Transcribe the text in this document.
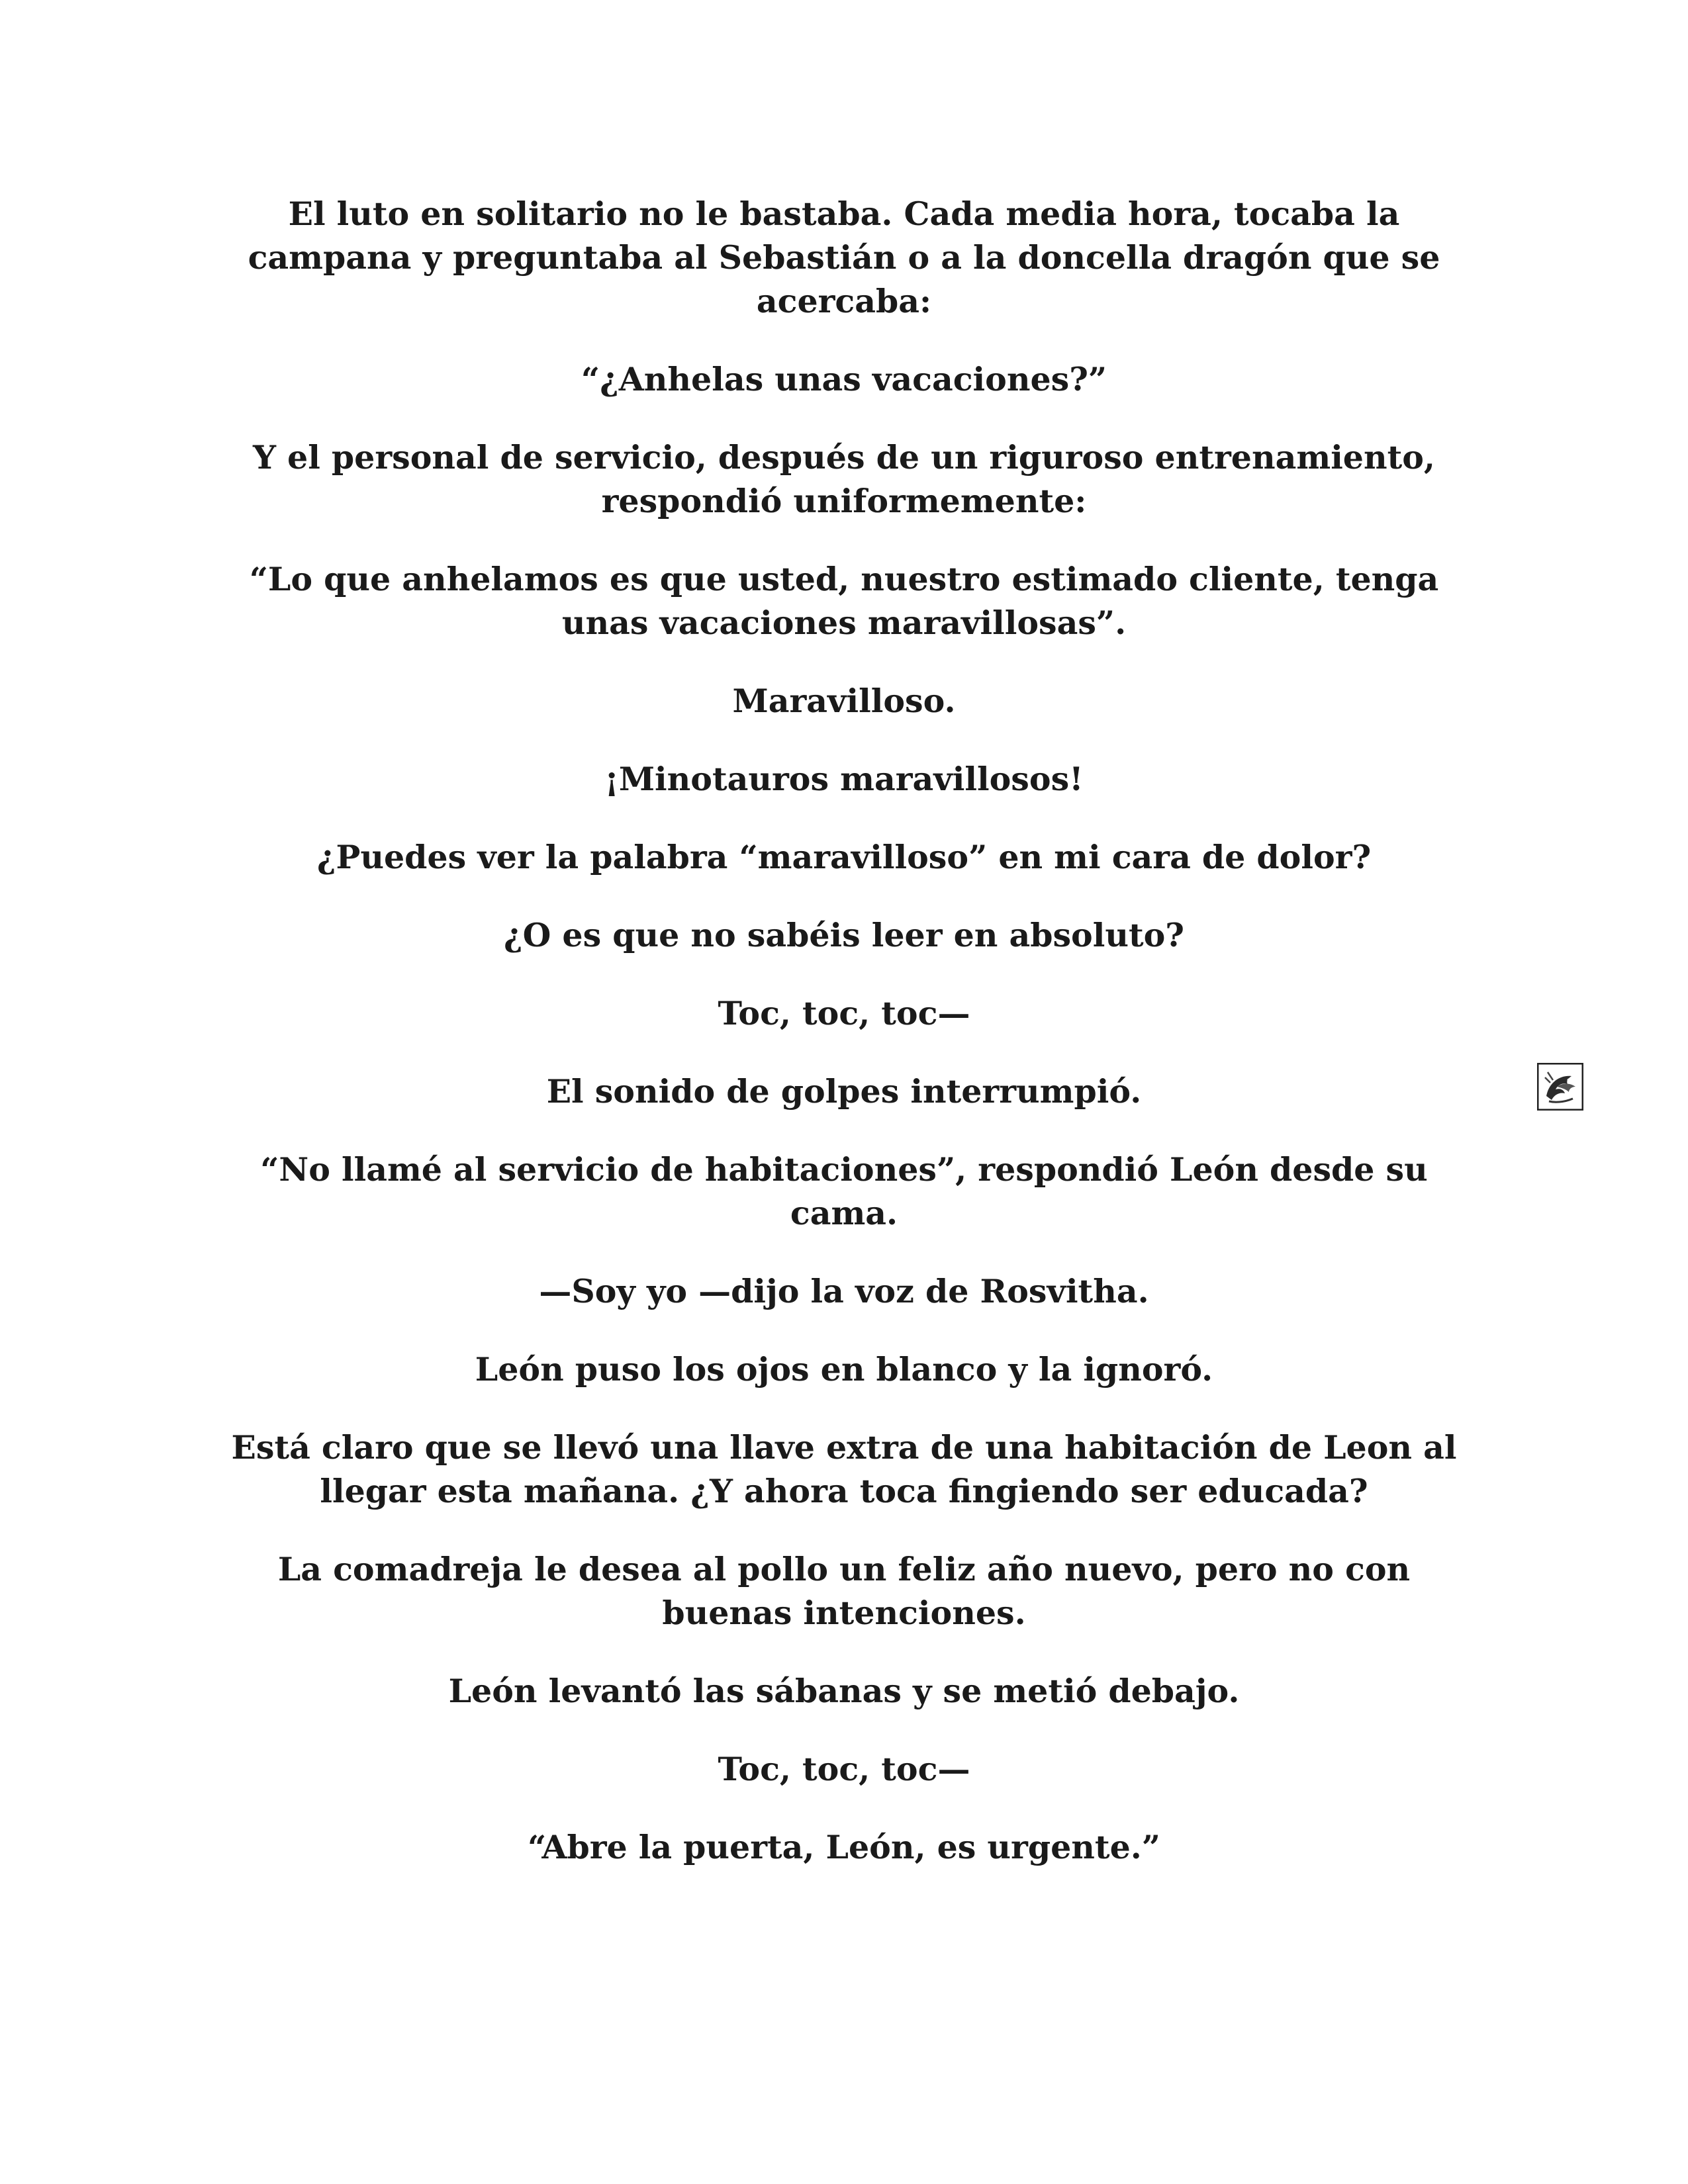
El luto en solitario no le bastaba. Cada media hora, tocaba la campana y preguntaba al Sebastián o a la doncella dragón que se acercaba:

“¿Anhelas unas vacaciones?”

Y el personal de servicio, después de un riguroso entrenamiento, respondió uniformemente:

“Lo que anhelamos es que usted, nuestro estimado cliente, tenga unas vacaciones maravillosas”.

Maravilloso.

¡Minotauros maravillosos!

¿Puedes ver la palabra “maravilloso” en mi cara de dolor?

¿O es que no sabéis leer en absoluto?

Toc, toc, toc—

El sonido de golpes interrumpió.

“No llamé al servicio de habitaciones”, respondió León desde su cama.

—Soy yo —dijo la voz de Rosvitha.

León puso los ojos en blanco y la ignoró.

Está claro que se llevó una llave extra de una habitación de Leon al llegar esta mañana. ¿Y ahora toca fingiendo ser educada?

La comadreja le desea al pollo un feliz año nuevo, pero no con buenas intenciones.

León levantó las sábanas y se metió debajo.

Toc, toc, toc—

“Abre la puerta, León, es urgente.”
